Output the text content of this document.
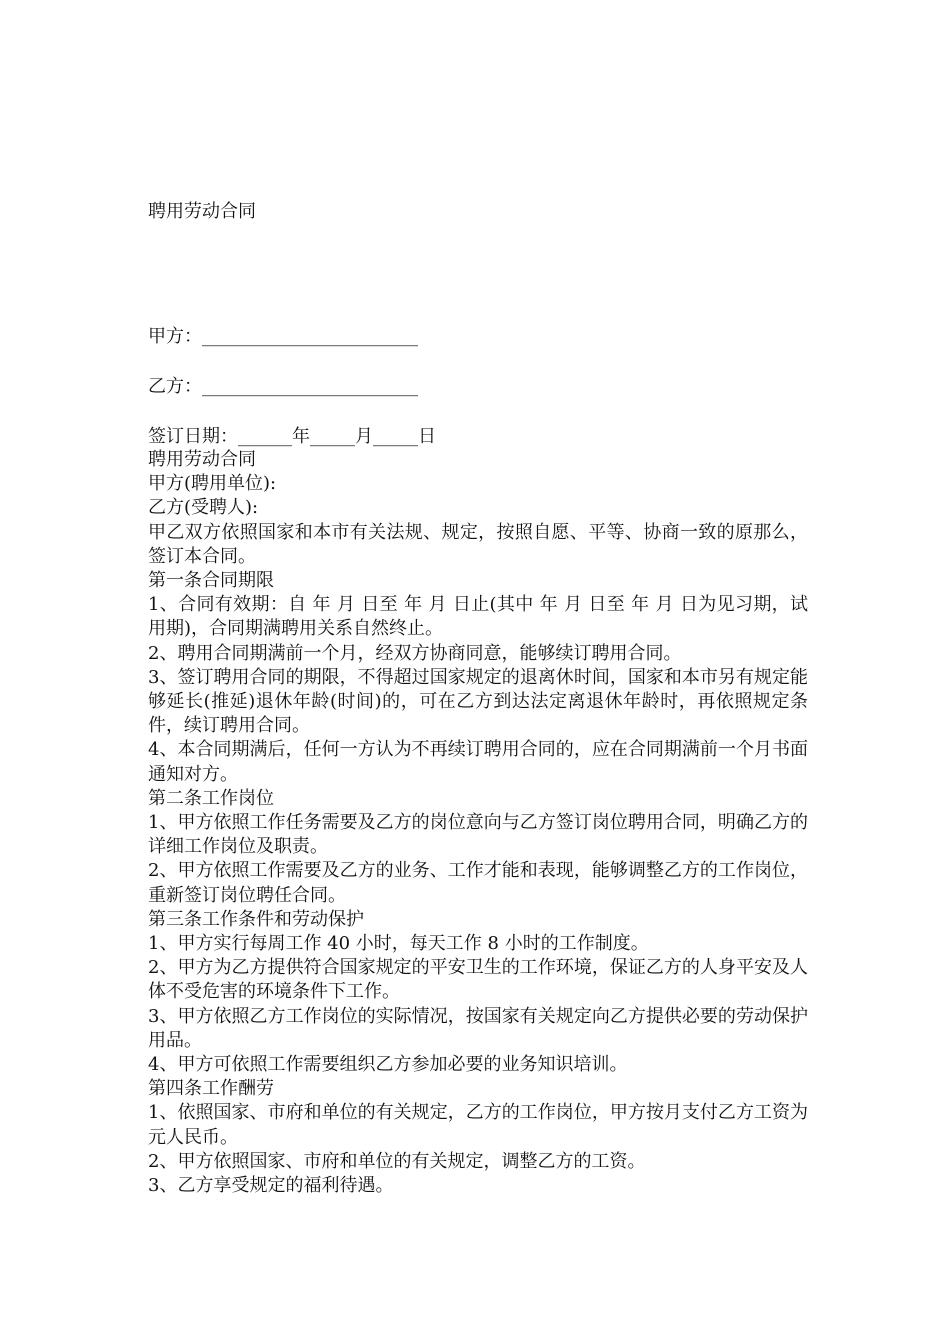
聘用劳动合同
甲方：________________________
乙方：________________________
签订日期：______年_____月_____日

聘用劳动合同

甲方(聘用单位):

乙方(受聘人):

甲乙双方依照国家和本市有关法规、规定，按照自愿、平等、协商一致的原那么，签订本合同。

第一条合同期限

1、合同有效期：自 年 月 日至 年 月 日止(其中 年 月 日至 年 月 日为见习期，试用期)，合同期满聘用关系自然终止。

2、聘用合同期满前一个月，经双方协商同意，能够续订聘用合同。

3、签订聘用合同的期限，不得超过国家规定的退离休时间，国家和本市另有规定能够延长(推延)退休年龄(时间)的，可在乙方到达法定离退休年龄时，再依照规定条件，续订聘用合同。

4、本合同期满后，任何一方认为不再续订聘用合同的，应在合同期满前一个月书面通知对方。

第二条工作岗位

1、甲方依照工作任务需要及乙方的岗位意向与乙方签订岗位聘用合同，明确乙方的详细工作岗位及职责。

2、甲方依照工作需要及乙方的业务、工作才能和表现，能够调整乙方的工作岗位，重新签订岗位聘任合同。

第三条工作条件和劳动保护

1、甲方实行每周工作 40 小时，每天工作 8 小时的工作制度。

2、甲方为乙方提供符合国家规定的平安卫生的工作环境，保证乙方的人身平安及人体不受危害的环境条件下工作。

3、甲方依照乙方工作岗位的实际情况，按国家有关规定向乙方提供必要的劳动保护用品。

4、甲方可依照工作需要组织乙方参加必要的业务知识培训。

第四条工作酬劳

1、依照国家、市府和单位的有关规定，乙方的工作岗位，甲方按月支付乙方工资为 元人民币。

2、甲方依照国家、市府和单位的有关规定，调整乙方的工资。

3、乙方享受规定的福利待遇。
